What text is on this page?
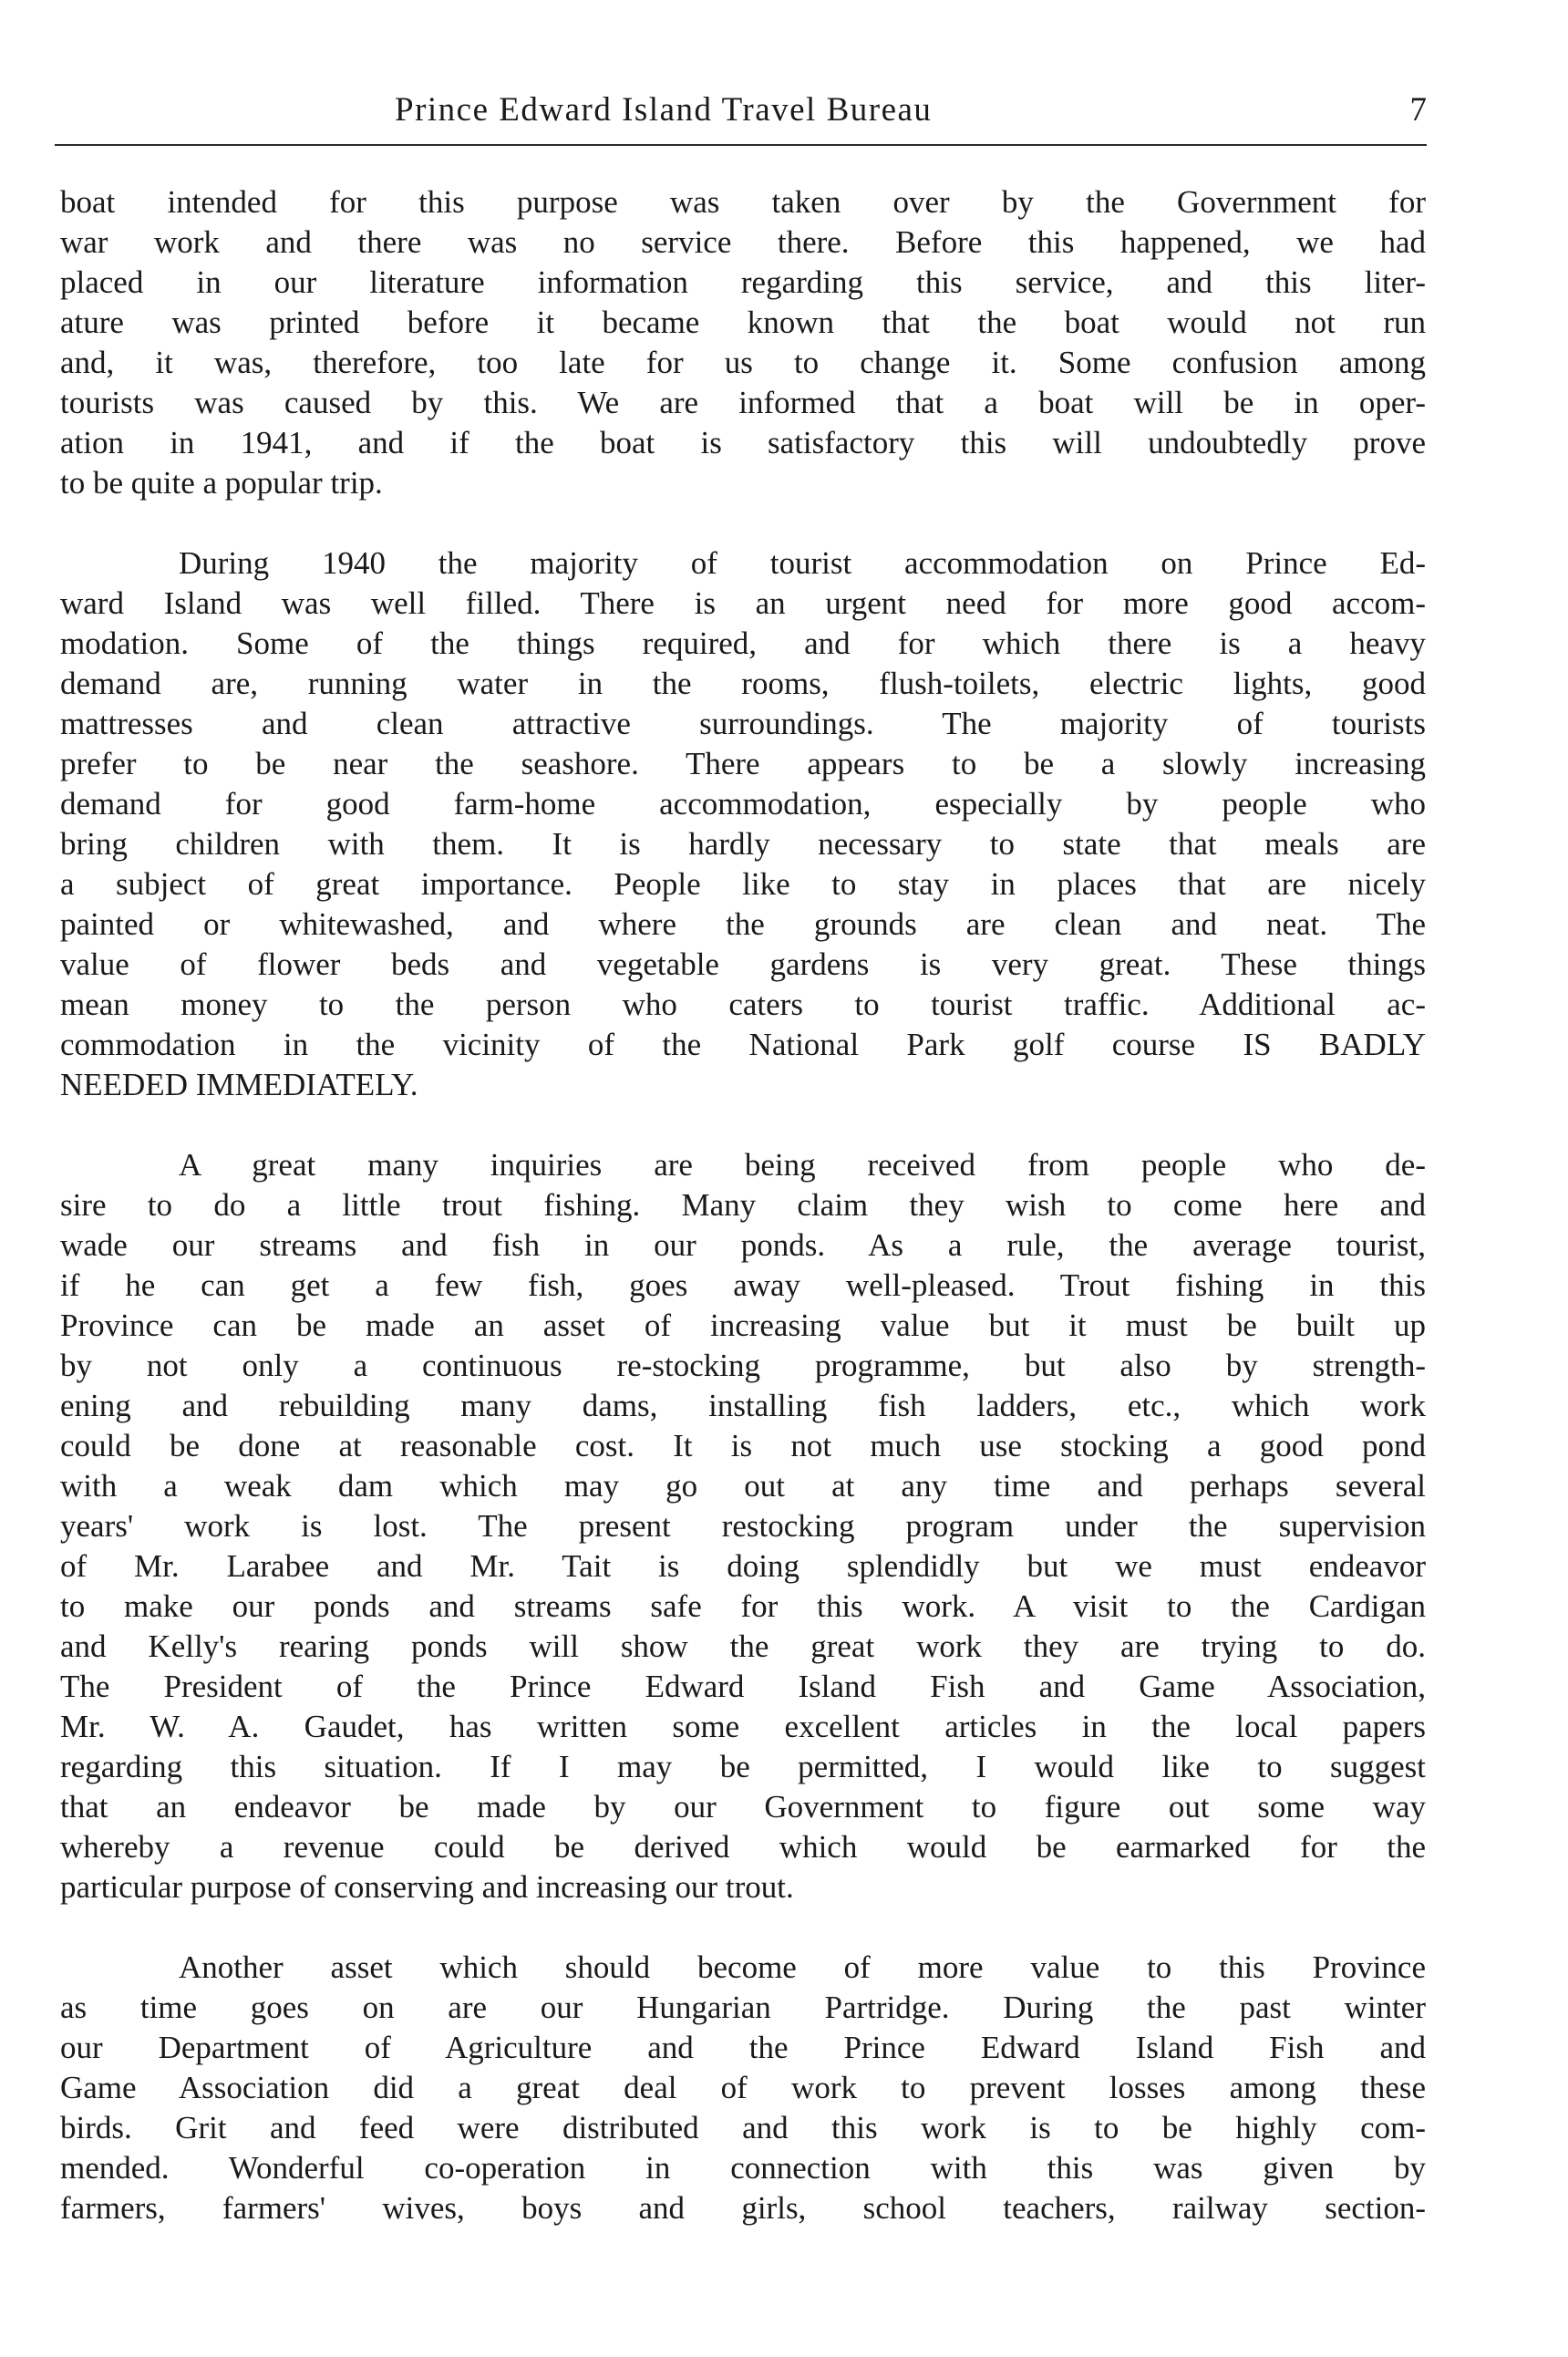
Prince Edward Island Travel Bureau	7
boat intended for this purpose was taken over by the Government for
war work and there was no service there. Before this happened, we had
placed in our literature information regarding this service, and this liter-
ature was printed before it became known that the boat would not run
and, it was, therefore, too late for us to change it. Some confusion among
tourists was caused by this. We are informed that a boat will be in oper-
ation in 1941, and if the boat is satisfactory this will undoubtedly prove
to be quite a popular trip.
During 1940 the majority of tourist accommodation on Prince Ed-
ward Island was well filled. There is an urgent need for more good accom-
modation. Some of the things required, and for which there is a heavy
demand are, running water in the rooms, flush-toilets, electric lights, good
mattresses and clean attractive surroundings. The majority of tourists
prefer to be near the seashore. There appears to be a slowly increasing
demand for good farm-home accommodation, especially by people who
bring children with them. It is hardly necessary to state that meals are
a subject of great importance. People like to stay in places that are nicely
painted or whitewashed, and where the grounds are clean and neat. The
value of flower beds and vegetable gardens is very great. These things
mean money to the person who caters to tourist traffic. Additional ac-
commodation in the vicinity of the National Park golf course IS BADLY
NEEDED IMMEDIATELY.
A great many inquiries are being received from people who de-
sire to do a little trout fishing. Many claim they wish to come here and
wade our streams and fish in our ponds. As a rule, the average tourist,
if he can get a few fish, goes away well-pleased. Trout fishing in this
Province can be made an asset of increasing value but it must be built up
by not only a continuous re-stocking programme, but also by strength-
ening and rebuilding many dams, installing fish ladders, etc., which work
could be done at reasonable cost. It is not much use stocking a good pond
with a weak dam which may go out at any time and perhaps several
years' work is lost. The present restocking program under the supervision
of Mr. Larabee and Mr. Tait is doing splendidly but we must endeavor
to make our ponds and streams safe for this work. A visit to the Cardigan
and Kelly's rearing ponds will show the great work they are trying to do.
The President of the Prince Edward Island Fish and Game Association,
Mr. W. A. Gaudet, has written some excellent articles in the local papers
regarding this situation. If I may be permitted, I would like to suggest
that an endeavor be made by our Government to figure out some way
whereby a revenue could be derived which would be earmarked for the
particular purpose of conserving and increasing our trout.
Another asset which should become of more value to this Province
as time goes on are our Hungarian Partridge. During the past winter
our Department of Agriculture and the Prince Edward Island Fish and
Game Association did a great deal of work to prevent losses among these
birds. Grit and feed were distributed and this work is to be highly com-
mended. Wonderful co-operation in connection with this was given by
farmers, farmers' wives, boys and girls, school teachers, railway section-
